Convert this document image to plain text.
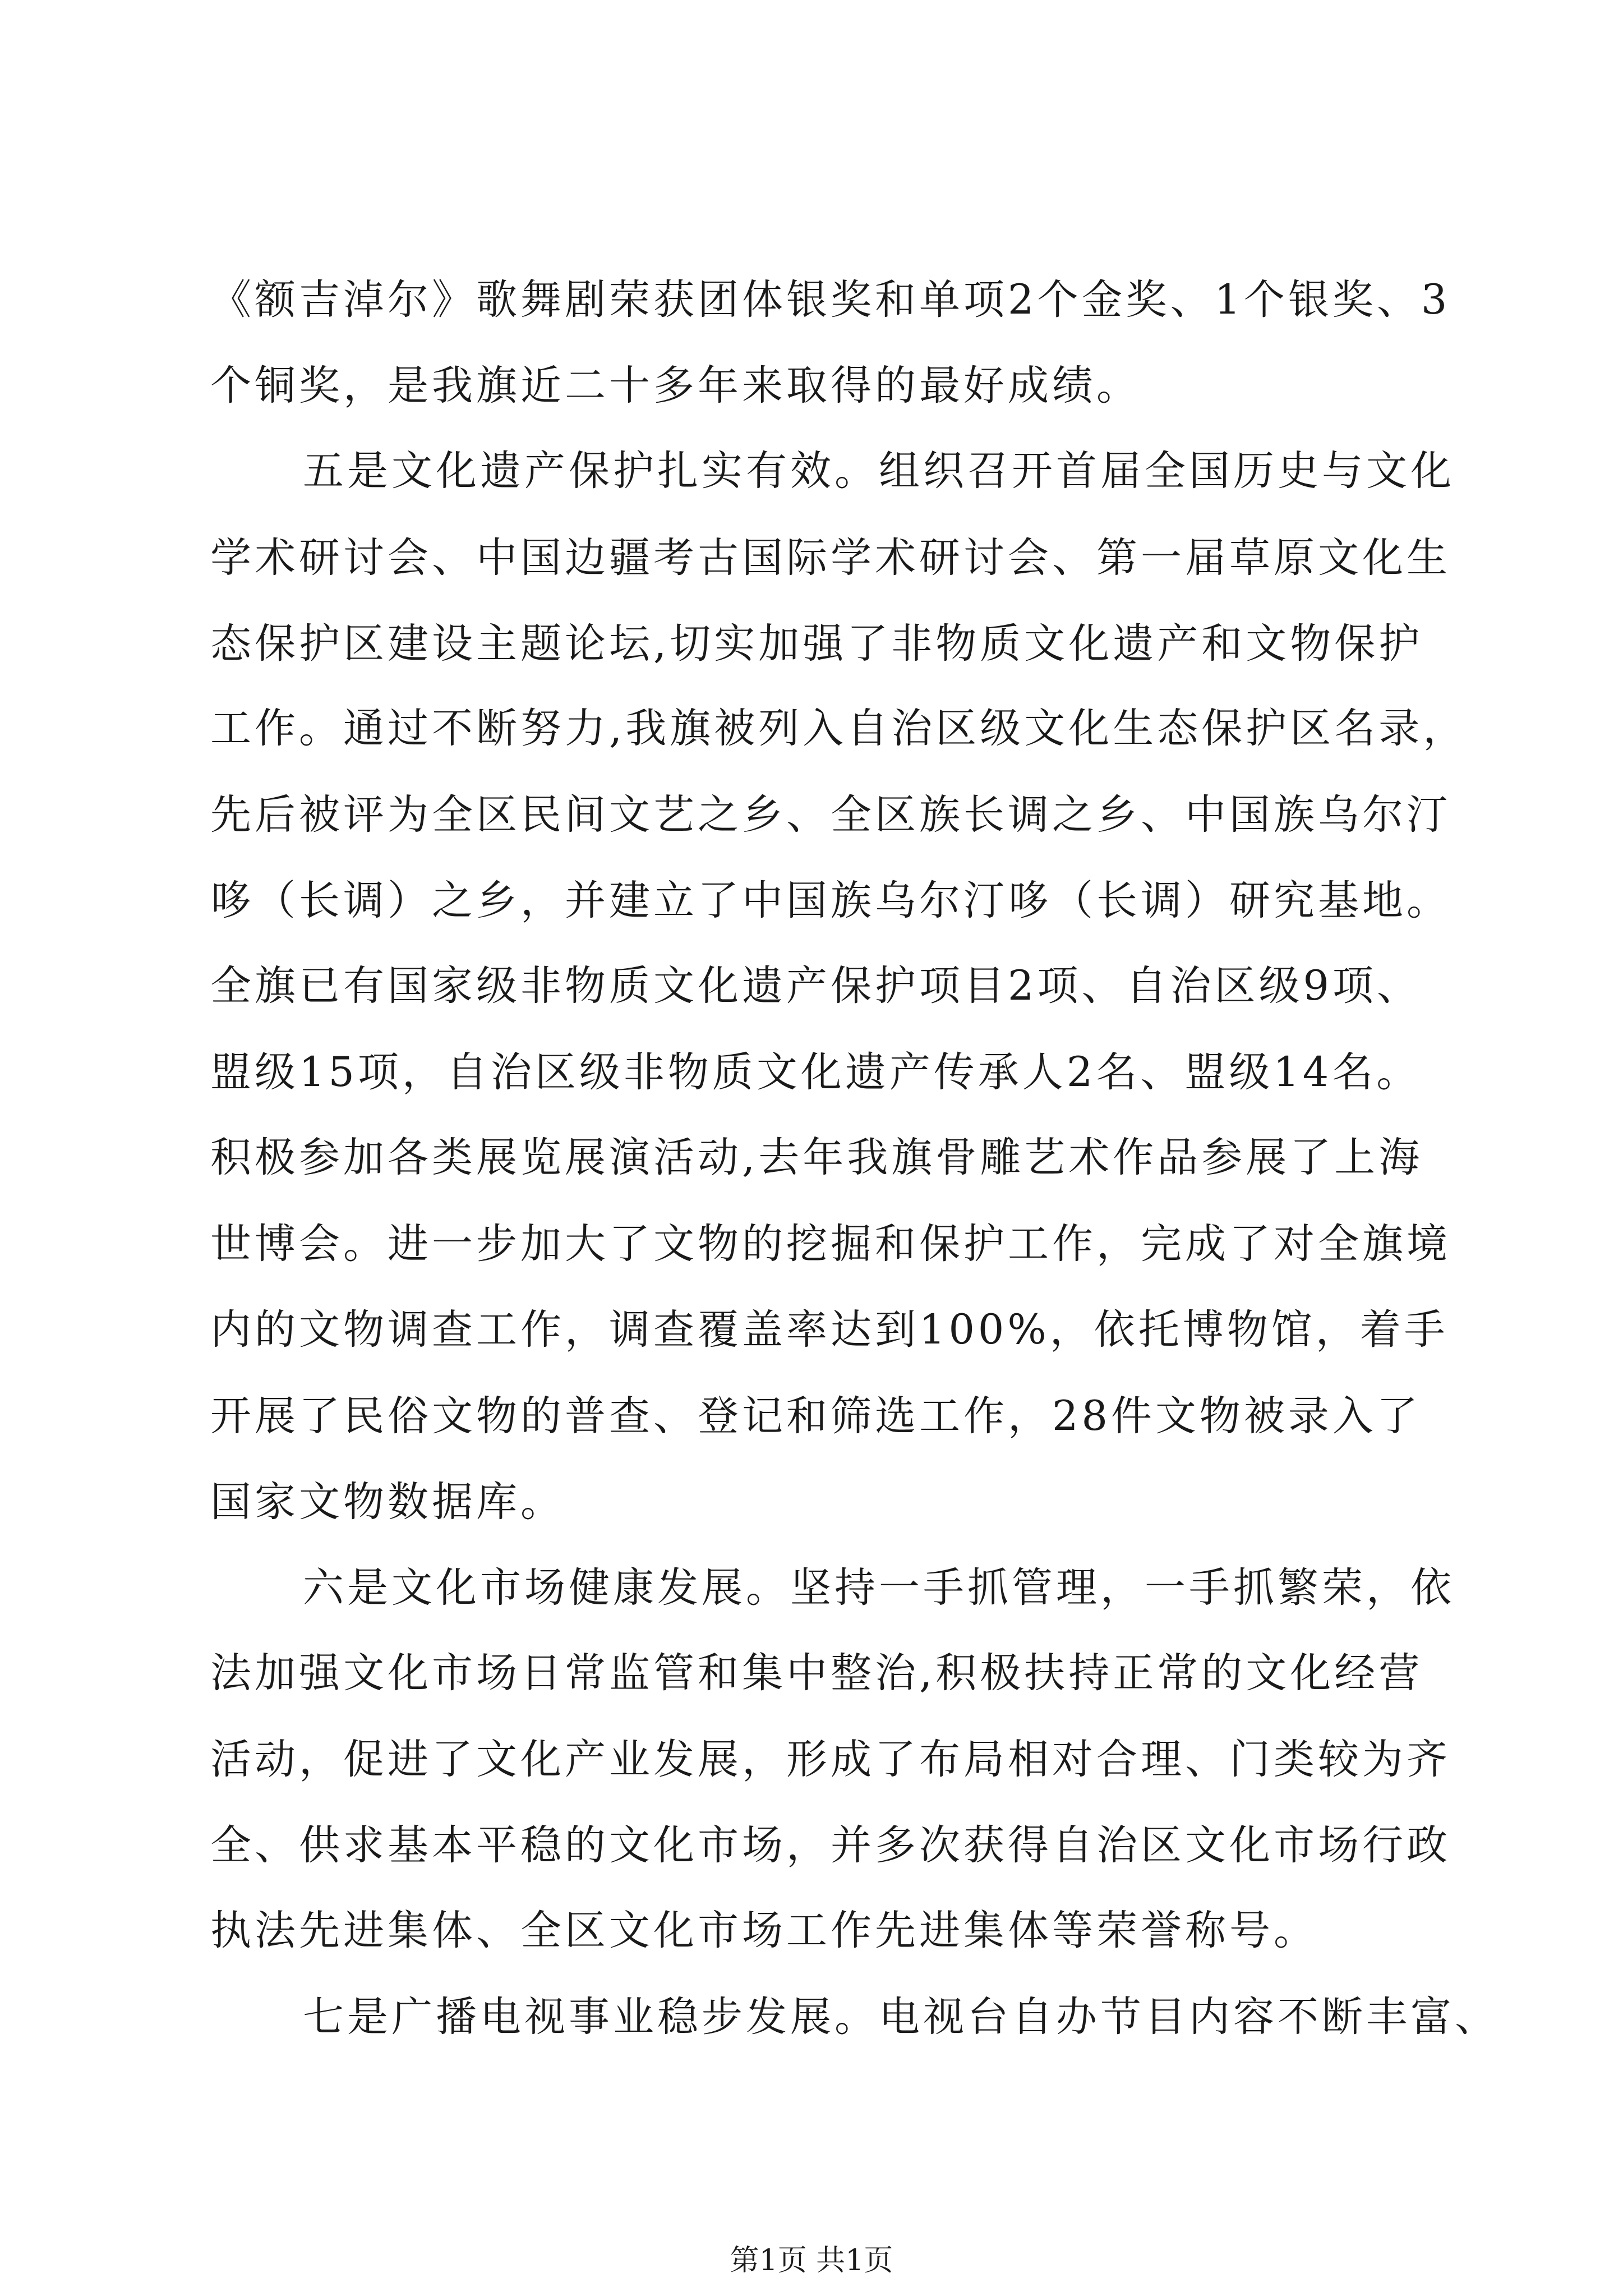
《额吉淖尔》歌舞剧荣获团体银奖和单项2个金奖、1个银奖、3

个铜奖，是我旗近二十多年来取得的最好成绩。

五是文化遗产保护扎实有效。组织召开首届全国历史与文化

学术研讨会、中国边疆考古国际学术研讨会、第一届草原文化生

态保护区建设主题论坛,切实加强了非物质文化遗产和文物保护

工作。通过不断努力,我旗被列入自治区级文化生态保护区名录，

先后被评为全区民间文艺之乡、全区族长调之乡、中国族乌尔汀

哆（长调）之乡，并建立了中国族乌尔汀哆（长调）研究基地。

全旗已有国家级非物质文化遗产保护项目2项、自治区级9项、

盟级15项，自治区级非物质文化遗产传承人2名、盟级14名。

积极参加各类展览展演活动,去年我旗骨雕艺术作品参展了上海

世博会。进一步加大了文物的挖掘和保护工作，完成了对全旗境

内的文物调查工作，调查覆盖率达到100%，依托博物馆，着手

开展了民俗文物的普查、登记和筛选工作，28件文物被录入了

国家文物数据库。

六是文化市场健康发展。坚持一手抓管理，一手抓繁荣，依

法加强文化市场日常监管和集中整治,积极扶持正常的文化经营

活动，促进了文化产业发展，形成了布局相对合理、门类较为齐

全、供求基本平稳的文化市场，并多次获得自治区文化市场行政

执法先进集体、全区文化市场工作先进集体等荣誉称号。

七是广播电视事业稳步发展。电视台自办节目内容不断丰富、

第1页 共1页
